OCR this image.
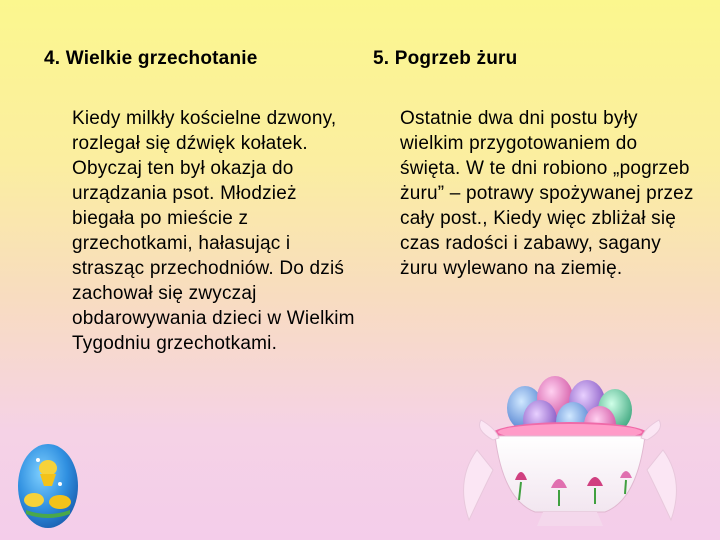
4. Wielkie grzechotanie

Kiedy milkły kościelne dzwony, rozlegał się dźwięk kołatek. Obyczaj ten był okazja do urządzania psot. Młodzież biegała po mieście z grzechotkami, hałasując i strasząc przechodniów. Do dziś zachował się zwyczaj obdarowywania dzieci w Wielkim Tygodniu grzechotkami.

5. Pogrzeb żuru

Ostatnie dwa dni postu były wielkim przygotowaniem do święta. W te dni robiono „pogrzeb żuru” – potrawy spożywanej przez cały post., Kiedy więc zbliżał się czas radości i zabawy, sagany żuru wylewano na ziemię.
